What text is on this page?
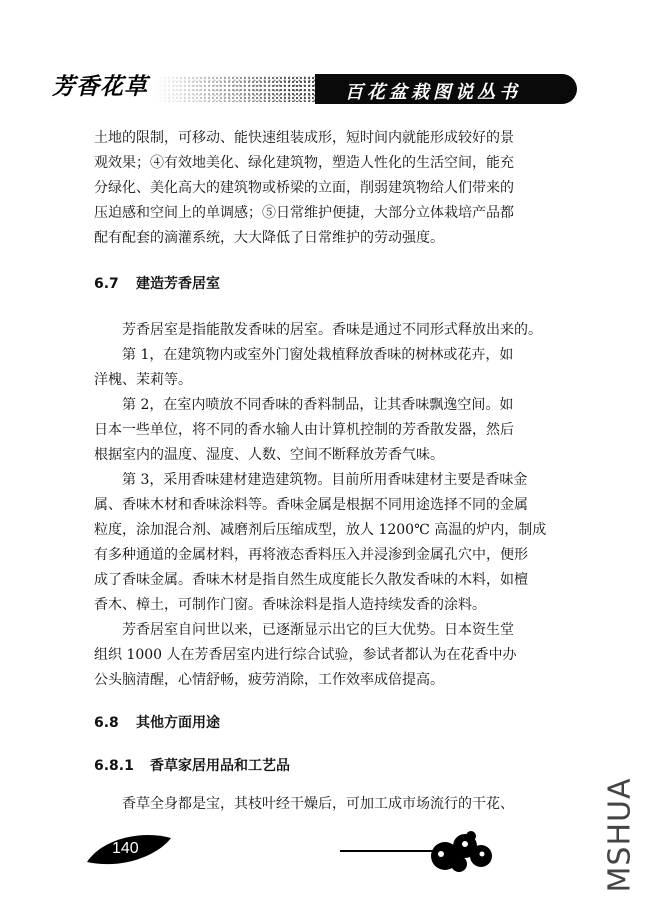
芳香花草	百花盆栽图说丛书

土地的限制，可移动、能快速组装成形，短时间内就能形成较好的景

观效果；④有效地美化、绿化建筑物，塑造人性化的生活空间，能充

分绿化、美化高大的建筑物或桥梁的立面，削弱建筑物给人们带来的

压迫感和空间上的单调感；⑤日常维护便捷，大部分立体栽培产品都

配有配套的滴灌系统，大大降低了日常维护的劳动强度。

6.7 建造芳香居室

芳香居室是指能散发香味的居室。香味是通过不同形式释放出来的。

第 1，在建筑物内或室外门窗处栽植释放香味的树林或花卉，如

洋槐、茉莉等。

第 2，在室内喷放不同香味的香料制品，让其香味飘逸空间。如

日本一些单位，将不同的香水输人由计算机控制的芳香散发器，然后

根据室内的温度、湿度、人数、空间不断释放芳香气味。

第 3，采用香味建材建造建筑物。目前所用香味建材主要是香味金

属、香味木材和香味涂料等。香味金属是根据不同用途选择不同的金属

粒度，涂加混合剂、减磨剂后压缩成型，放人 1200℃ 高温的炉内，制成

有多种通道的金属材料，再将液态香料压入并浸渗到金属孔穴中，便形

成了香味金属。香味木材是指自然生成度能长久散发香味的木料，如檀

香木、樟土，可制作门窗。香味涂料是指人造持续发香的涂料。

芳香居室自问世以来，已逐渐显示出它的巨大优势。日本资生堂

组织 1000 人在芳香居室内进行综合试验，参试者都认为在花香中办

公头脑清醒，心情舒畅，疲劳消除，工作效率成倍提高。

6.8 其他方面用途

6.8.1 香草家居用品和工艺品

香草全身都是宝，其枝叶经干燥后，可加工成市场流行的干花、

140	MSHUA
